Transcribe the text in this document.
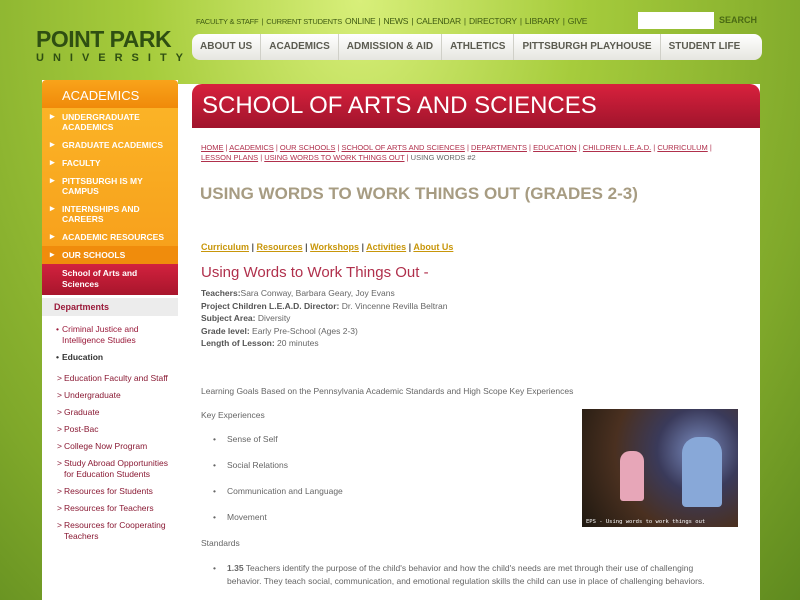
POINT PARK
UNIVERSITY
FACULTY & STAFF | CURRENT STUDENTS ONLINE | NEWS | CALENDAR | DIRECTORY | LIBRARY | GIVE	SEARCH
ABOUT US	ACADEMICS	ADMISSION & AID	ATHLETICS	PITTSBURGH PLAYHOUSE	STUDENT LIFE
ACADEMICS
▸ UNDERGRADUATE ACADEMICS
▸ GRADUATE ACADEMICS
▸ FACULTY
▸ PITTSBURGH IS MY CAMPUS
▸ INTERNSHIPS AND CAREERS
▸ ACADEMIC RESOURCES
▸ OUR SCHOOLS
School of Arts and Sciences
Departments
• Criminal Justice and Intelligence Studies
• Education
> Education Faculty and Staff
> Undergraduate
> Graduate
> Post-Bac
> College Now Program
> Study Abroad Opportunities for Education Students
> Resources for Students
> Resources for Teachers
> Resources for Cooperating Teachers
SCHOOL OF ARTS AND SCIENCES
HOME | ACADEMICS | OUR SCHOOLS | SCHOOL OF ARTS AND SCIENCES | DEPARTMENTS | EDUCATION | CHILDREN L.E.A.D. | CURRICULUM | LESSON PLANS | USING WORDS TO WORK THINGS OUT | USING WORDS #2
USING WORDS TO WORK THINGS OUT (GRADES 2-3)
Curriculum | Resources | Workshops | Activities | About Us
Using Words to Work Things Out -
Teachers:Sara Conway, Barbara Geary, Joy Evans
Project Children L.E.A.D. Director: Dr. Vincenne Revilla Beltran
Subject Area: Diversity
Grade level: Early Pre-School (Ages 2-3)
Length of Lesson: 20 minutes

Learning Goals Based on the Pennsylvania Academic Standards and High Scope Key Experiences

Key Experiences

• Sense of Self
• Social Relations
• Communication and Language
• Movement

Standards

• 1.35 Teachers identify the purpose of the child's behavior and how the child's needs are met through their use of challenging behavior. They teach social, communication, and emotional regulation skills the child can use in place of challenging behaviors.
EPS - Using words to work things out
